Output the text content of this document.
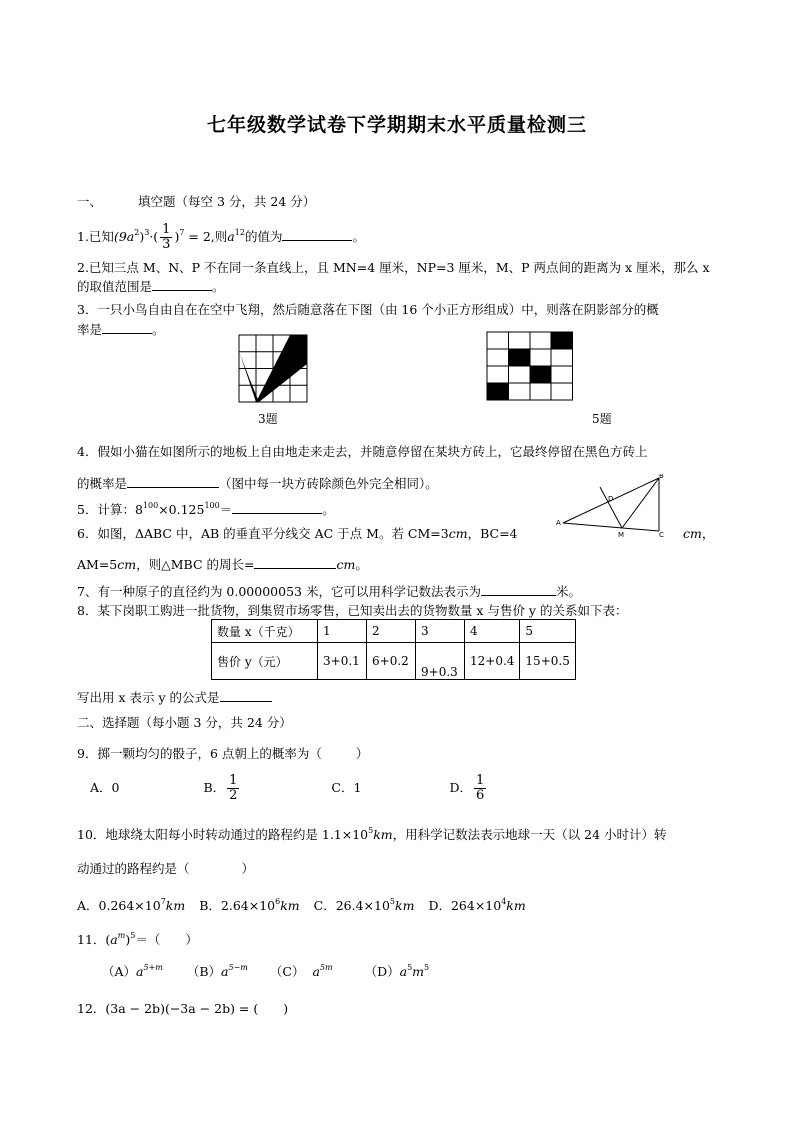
七年级数学试卷下学期期末水平质量检测三
一、	填空题（每空 3 分，共 24 分）
1.已知$(9a^2)^3\cdot( \frac{1}{3} )^7 = 2$,则$a^{12}$的值为	。
2.已知三点 M、N、P 不在同一条直线上，且 MN=4 厘米，NP=3 厘米，M、P 两点间的距离为 x 厘米，那么 x
的取值范围是	。
3．一只小鸟自由自在在空中飞翔，然后随意落在下图（由 16 个小正方形组成）中，则落在阴影部分的概
率是	。
3题	5题
4．假如小猫在如图所示的地板上自由地走来走去，并随意停留在某块方砖上，它最终停留在黑色方砖上
的概率是	（图中每一块方砖除颜色外完全相同）。
5．计算：$8^{100}\times 0.125^{100}=$	。
A
B
C
D
M
6．如图，ΔABC 中，AB 的垂直平分线交 AC 于点 M。若 CM=3cm，BC=4	cm，
AM=5cm，则△MBC 的周长=	cm。
7、有一种原子的直径约为 0.00000053 米，它可以用科学记数法表示为	米。
8．某下岗职工购进一批货物，到集贸市场零售，已知卖出去的货物数量 x 与售价 y 的关系如下表：
数量 x（千克）	1	2	3	4	5
售价 y（元）	3+0.1	6+0.2	9+0.3	12+0.4	15+0.5
写出用 x 表示 y 的公式是
二、选择题（每小题 3 分，共 24 分）
9．掷一颗均匀的骰子，6 点朝上的概率为（	）
A．0	B． $\frac{1}{2}$	C．1	D． $\frac{1}{6}$
10．地球绕太阳每小时转动通过的路程约是 $1.1\times 10^5km$，用科学记数法表示地球一天（以 24 小时计）转
动通过的路程约是（	）
A．$0.264\times 10^7km$ B．$2.64\times 10^6km$ C．$26.4\times 10^5km$ D．$264\times 10^4km$
11．$(a^m)^5=$（　　）
$(A)a^{5+m}$ $(B)a^{5-m}$ （C） $a^{5m}$	$(D)a^5m^5$
12．(3a − 2b)(−3a − 2b) = (　　)
